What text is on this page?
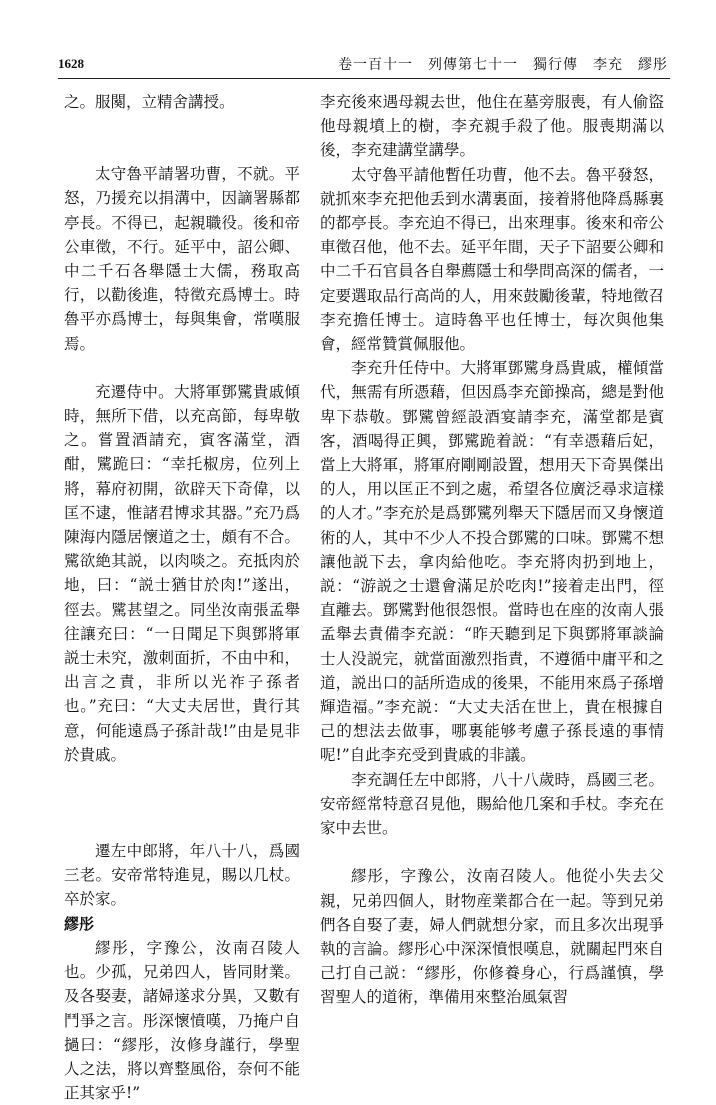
1628	卷一百十一　列傳第七十一　獨行傳　李充　繆彤

之。服闋，立精舍講授。

太守魯平請署功曹，不就。平怒，乃援充以捐溝中，因謫署縣都亭長。不得已，起親職役。後和帝公車徵，不行。延平中，詔公卿、中二千石各舉隱士大儒，務取高行，以勸後進，特徵充爲博士。時魯平亦爲博士，每與集會，常嘆服焉。

充遷侍中。大將軍鄧騭貴戚傾時，無所下借，以充高節，每卑敬之。嘗置酒請充，賓客滿堂，酒酣，騭跪曰：“幸托椒房，位列上將，幕府初開，欲辟天下奇偉，以匡不逮，惟諸君博求其器。”充乃爲陳海内隱居懷道之士，頗有不合。騭欲絶其説，以肉啖之。充抵肉於地，曰：“説士猶甘於肉!”遂出，徑去。騭甚望之。同坐汝南張孟舉往讓充曰：“一日聞足下與鄧將軍説士未究，激刺面折，不由中和，出言之責，非所以光祚子孫者也。”充曰：“大丈夫居世，貴行其意，何能遠爲子孫計哉!”由是見非於貴戚。

遷左中郎將，年八十八，爲國三老。安帝常特進見，賜以几杖。卒於家。

繆彤

繆彤，字豫公，汝南召陵人也。少孤，兄弟四人，皆同財業。及各娶妻，諸婦遂求分異，又數有鬥爭之言。彤深懷憤嘆，乃掩户自撾曰：“繆彤，汝修身謹行，學聖人之法，將以齊整風俗，奈何不能正其家乎!”

李充後來遇母親去世，他住在墓旁服喪，有人偷盜他母親墳上的樹，李充親手殺了他。服喪期滿以後，李充建講堂講學。

太守魯平請他暫任功曹，他不去。魯平發怒，就抓來李充把他丢到水溝裏面，接着將他降爲縣裏的都亭長。李充迫不得已，出來理事。後來和帝公車徵召他，他不去。延平年間，天子下詔要公卿和中二千石官員各自舉薦隱士和學問高深的儒者，一定要選取品行高尚的人，用來鼓勵後輩，特地徵召李充擔任博士。這時魯平也任博士，每次與他集會，經常贊賞佩服他。

李充升任侍中。大將軍鄧騭身爲貴戚，權傾當代，無需有所憑藉，但因爲李充節操高，總是對他卑下恭敬。鄧騭曾經設酒宴請李充，滿堂都是賓客，酒喝得正興，鄧騭跪着説：“有幸憑藉后妃，當上大將軍，將軍府剛剛設置，想用天下奇異傑出的人，用以匡正不到之處，希望各位廣泛尋求這樣的人才。”李充於是爲鄧騭列舉天下隱居而又身懷道術的人，其中不少人不投合鄧騭的口味。鄧騭不想讓他説下去，拿肉給他吃。李充將肉扔到地上，説：“游説之士還會滿足於吃肉!”接着走出門，徑直離去。鄧騭對他很怨恨。當時也在座的汝南人張孟舉去責備李充説：“昨天聽到足下與鄧將軍談論士人没説完，就當面激烈指責，不遵循中庸平和之道，説出口的話所造成的後果，不能用來爲子孫增輝造福。”李充説：“大丈夫活在世上，貴在根據自己的想法去做事，哪裏能够考慮子孫長遠的事情呢!”自此李充受到貴戚的非議。

李充調任左中郎將，八十八歲時，爲國三老。安帝經常特意召見他，賜給他几案和手杖。李充在家中去世。

繆彤，字豫公，汝南召陵人。他從小失去父親，兄弟四個人，財物産業都合在一起。等到兄弟們各自娶了妻，婦人們就想分家，而且多次出現爭執的言論。繆彤心中深深憤恨嘆息，就關起門來自己打自己説：“繆彤，你修養身心，行爲謹慎，學習聖人的道術，準備用來整治風氣習
